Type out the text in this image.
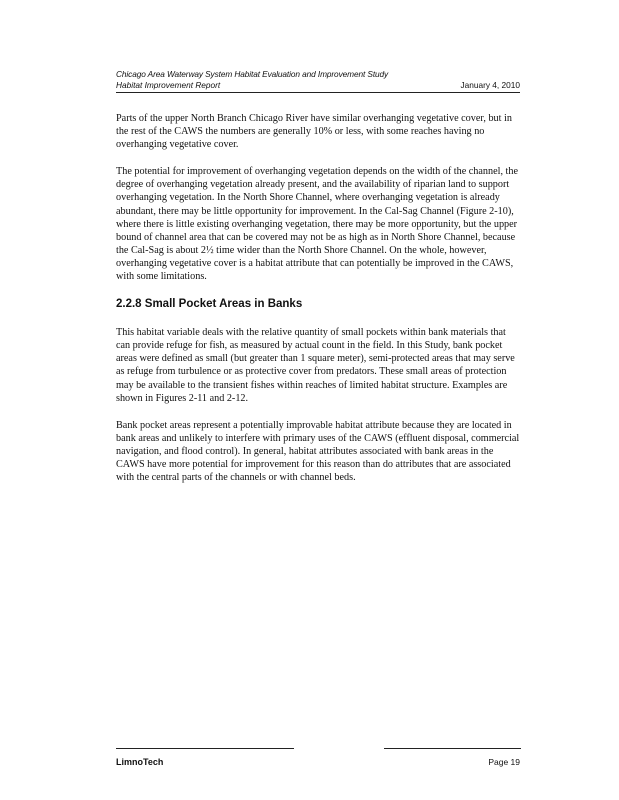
Chicago Area Waterway System Habitat Evaluation and Improvement Study
Habitat Improvement Report	January 4, 2010

Parts of the upper North Branch Chicago River have similar overhanging vegetative cover, but in the rest of the CAWS the numbers are generally 10% or less, with some reaches having no overhanging vegetative cover.

The potential for improvement of overhanging vegetation depends on the width of the channel, the degree of overhanging vegetation already present, and the availability of riparian land to support overhanging vegetation. In the North Shore Channel, where overhanging vegetation is already abundant, there may be little opportunity for improvement. In the Cal-Sag Channel (Figure 2-10), where there is little existing overhanging vegetation, there may be more opportunity, but the upper bound of channel area that can be covered may not be as high as in North Shore Channel, because the Cal-Sag is about 2½ time wider than the North Shore Channel. On the whole, however, overhanging vegetative cover is a habitat attribute that can potentially be improved in the CAWS, with some limitations.

2.2.8 Small Pocket Areas in Banks

This habitat variable deals with the relative quantity of small pockets within bank materials that can provide refuge for fish, as measured by actual count in the field. In this Study, bank pocket areas were defined as small (but greater than 1 square meter), semi-protected areas that may serve as refuge from turbulence or as protective cover from predators. These small areas of protection may be available to the transient fishes within reaches of limited habitat structure. Examples are shown in Figures 2-11 and 2-12.

Bank pocket areas represent a potentially improvable habitat attribute because they are located in bank areas and unlikely to interfere with primary uses of the CAWS (effluent disposal, commercial navigation, and flood control). In general, habitat attributes associated with bank areas in the CAWS have more potential for improvement for this reason than do attributes that are associated with the central parts of the channels or with channel beds.

LimnoTech	Page 19
